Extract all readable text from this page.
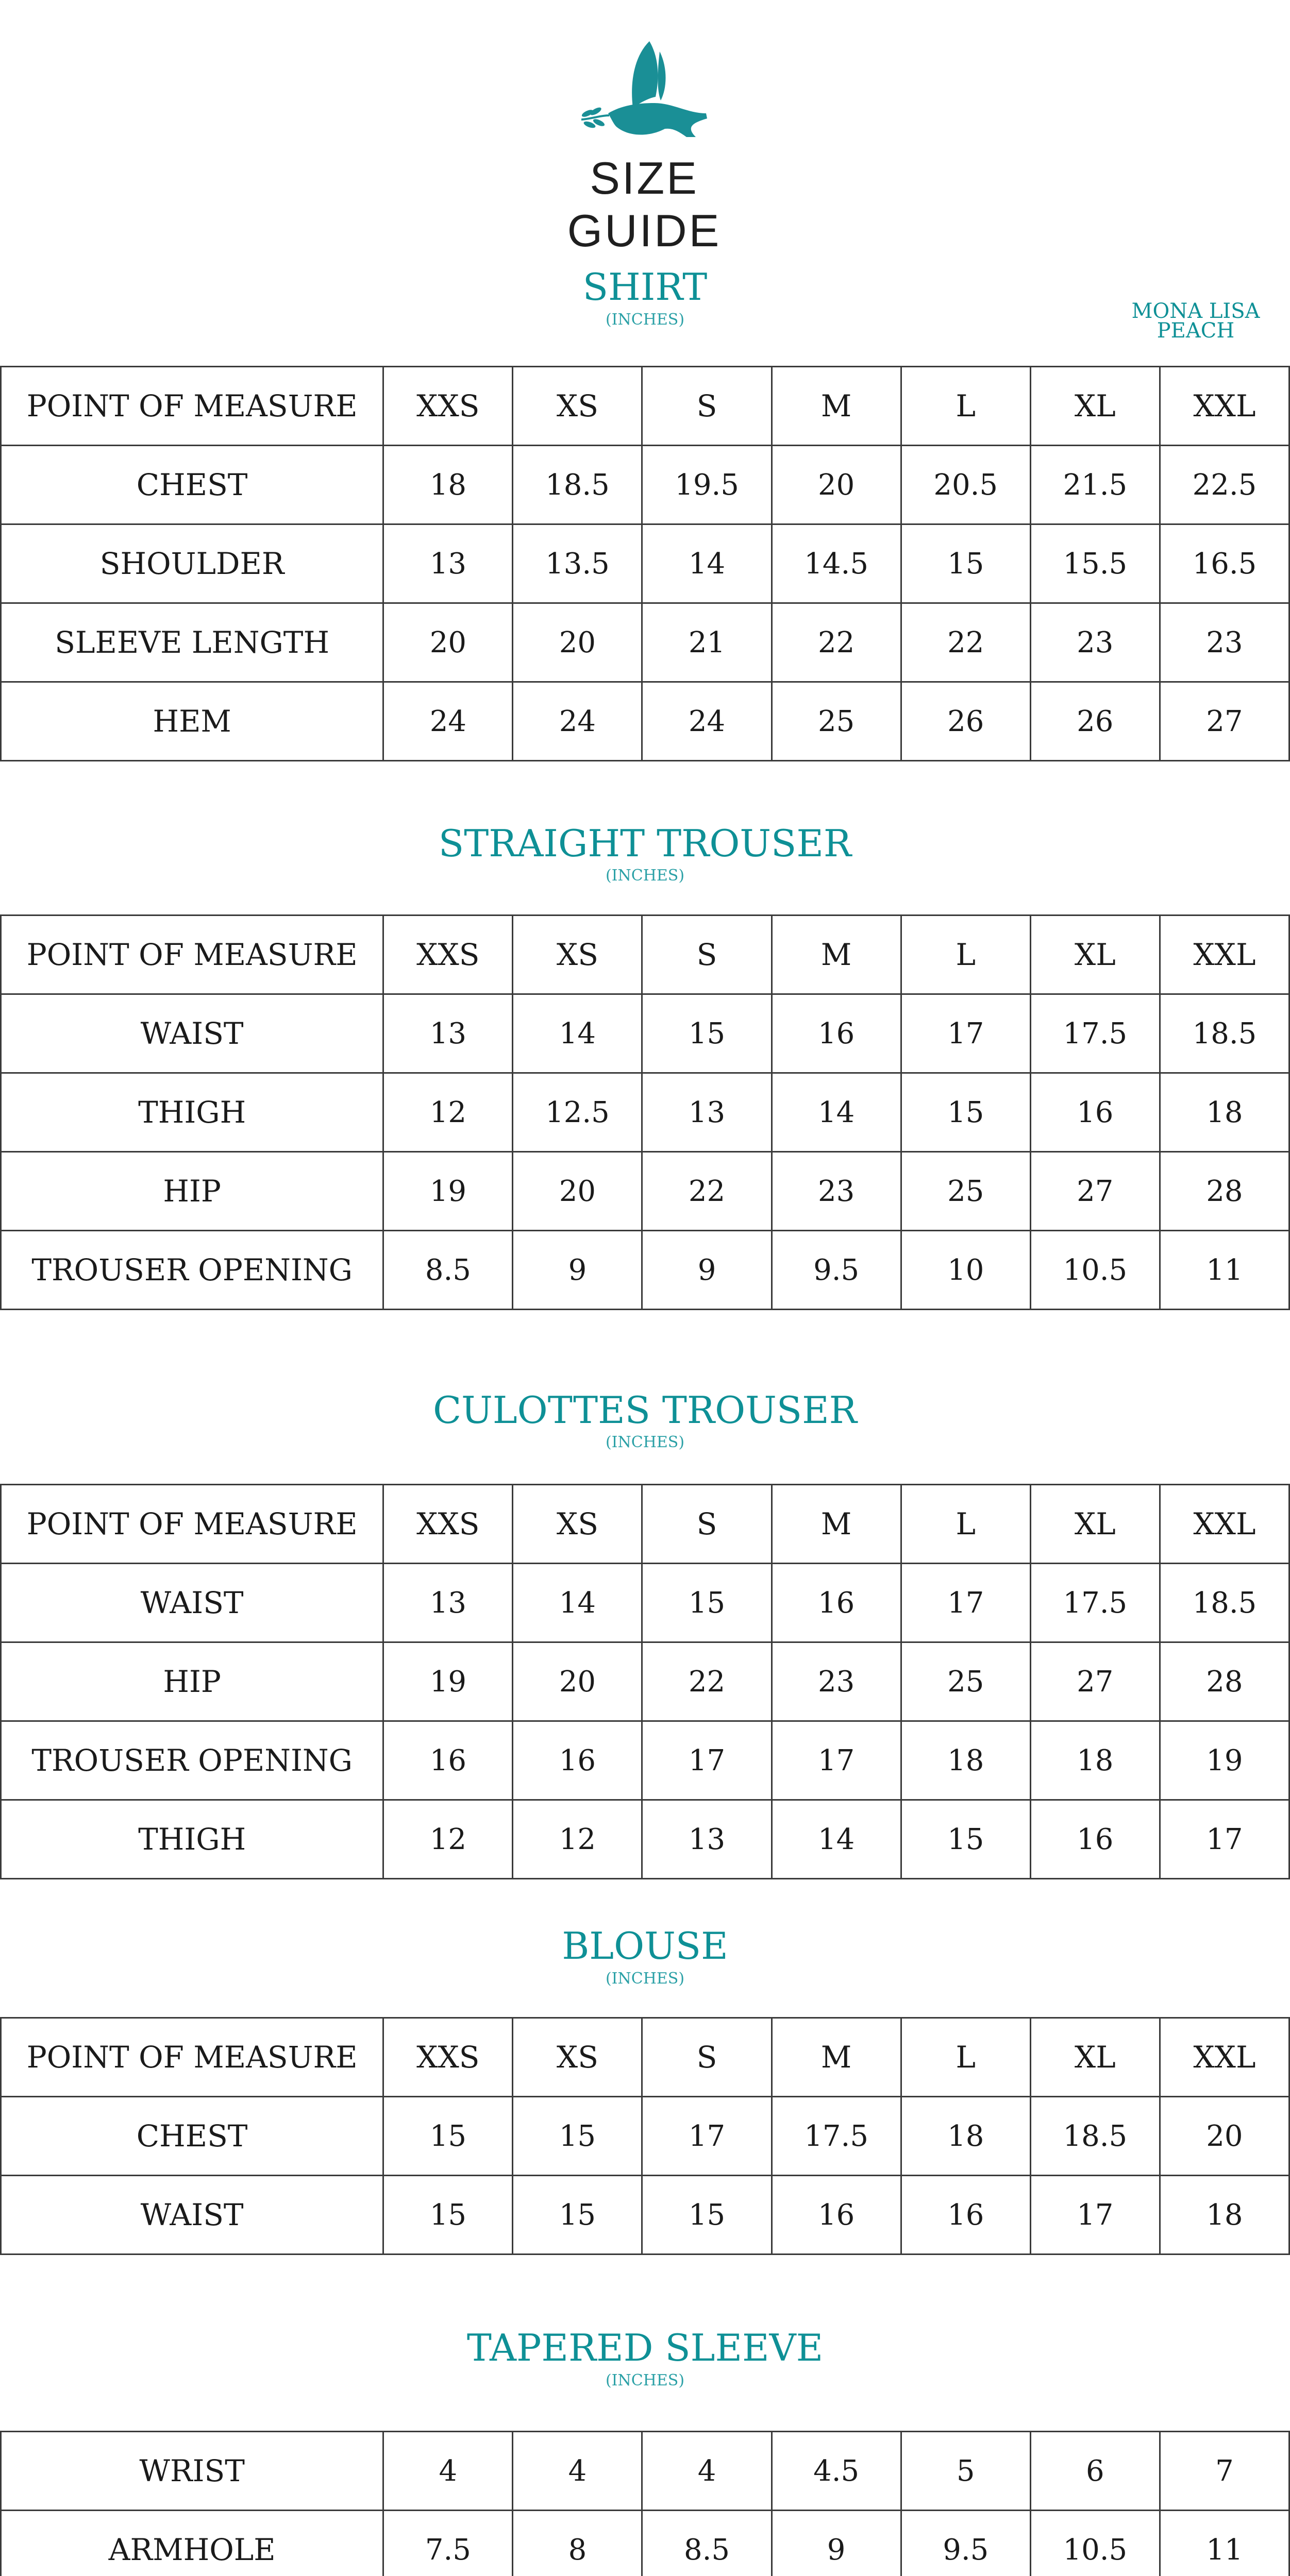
SIZE GUIDE
MONA LISA
PEACH
SHIRT
(INCHES)
POINT OF MEASURE	XXS	XS	S	M	L	XL	XXL
CHEST	18	18.5	19.5	20	20.5	21.5	22.5
SHOULDER	13	13.5	14	14.5	15	15.5	16.5
SLEEVE LENGTH	20	20	21	22	22	23	23
HEM	24	24	24	25	26	26	27
STRAIGHT TROUSER
(INCHES)
POINT OF MEASURE	XXS	XS	S	M	L	XL	XXL
WAIST	13	14	15	16	17	17.5	18.5
THIGH	12	12.5	13	14	15	16	18
HIP	19	20	22	23	25	27	28
TROUSER OPENING	8.5	9	9	9.5	10	10.5	11
CULOTTES TROUSER
(INCHES)
POINT OF MEASURE	XXS	XS	S	M	L	XL	XXL
WAIST	13	14	15	16	17	17.5	18.5
HIP	19	20	22	23	25	27	28
TROUSER OPENING	16	16	17	17	18	18	19
THIGH	12	12	13	14	15	16	17
BLOUSE
(INCHES)
POINT OF MEASURE	XXS	XS	S	M	L	XL	XXL
CHEST	15	15	17	17.5	18	18.5	20
WAIST	15	15	15	16	16	17	18
TAPERED SLEEVE
(INCHES)
WRIST	4	4	4	4.5	5	6	7
ARMHOLE	7.5	8	8.5	9	9.5	10.5	11
